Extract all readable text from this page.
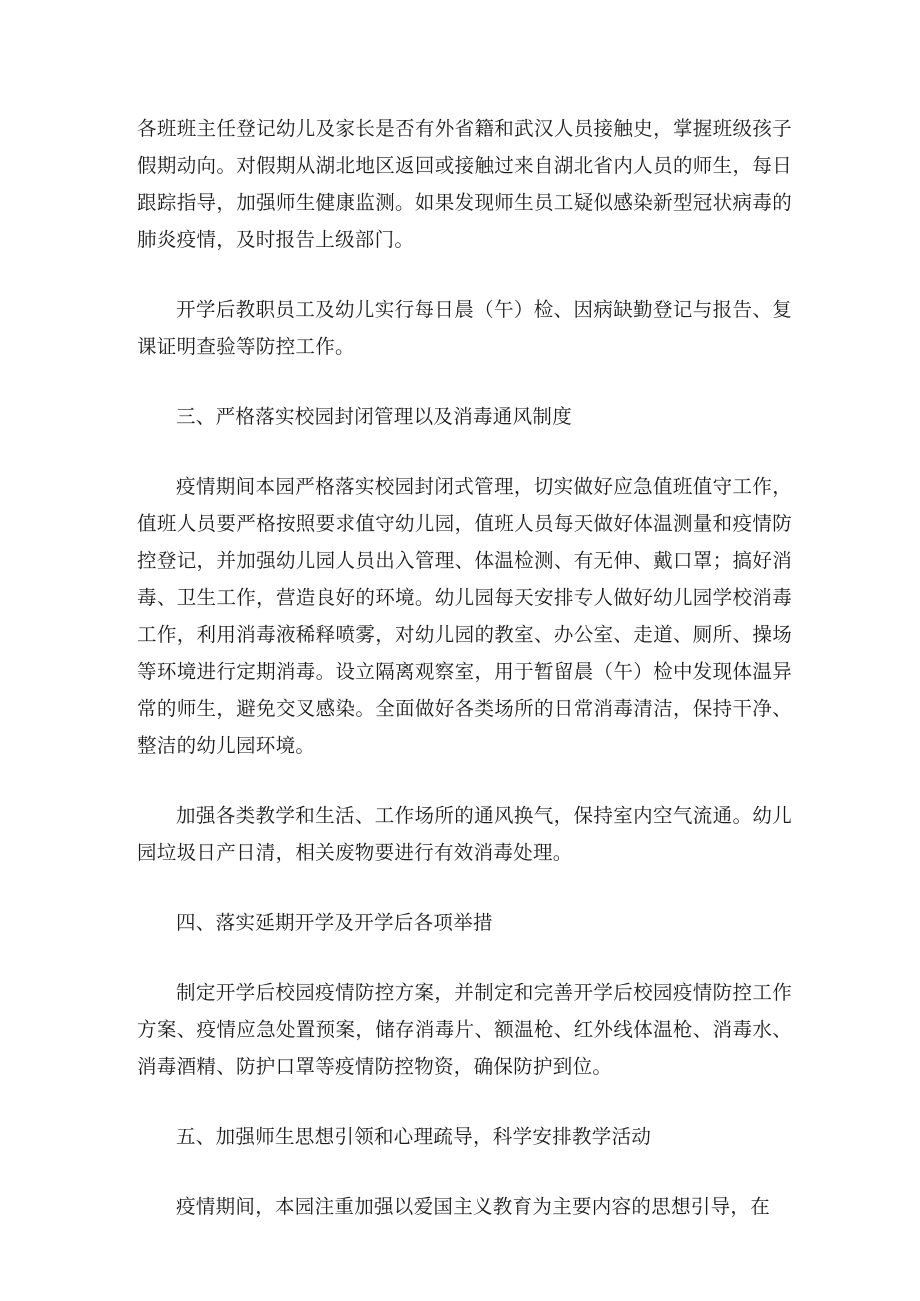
各班班主任登记幼儿及家长是否有外省籍和武汉人员接触史，掌握班级孩子假期动向。对假期从湖北地区返回或接触过来自湖北省内人员的师生，每日跟踪指导，加强师生健康监测。如果发现师生员工疑似感染新型冠状病毒的肺炎疫情，及时报告上级部门。

开学后教职员工及幼儿实行每日晨（午）检、因病缺勤登记与报告、复课证明查验等防控工作。

三、严格落实校园封闭管理以及消毒通风制度

疫情期间本园严格落实校园封闭式管理，切实做好应急值班值守工作，值班人员要严格按照要求值守幼儿园，值班人员每天做好体温测量和疫情防控登记，并加强幼儿园人员出入管理、体温检测、有无伸、戴口罩；搞好消毒、卫生工作，营造良好的环境。幼儿园每天安排专人做好幼儿园学校消毒工作，利用消毒液稀释喷雾，对幼儿园的教室、办公室、走道、厕所、操场等环境进行定期消毒。设立隔离观察室，用于暂留晨（午）检中发现体温异常的师生，避免交叉感染。全面做好各类场所的日常消毒清洁，保持干净、整洁的幼儿园环境。

加强各类教学和生活、工作场所的通风换气，保持室内空气流通。幼儿园垃圾日产日清，相关废物要进行有效消毒处理。

四、落实延期开学及开学后各项举措

制定开学后校园疫情防控方案，并制定和完善开学后校园疫情防控工作方案、疫情应急处置预案，储存消毒片、额温枪、红外线体温枪、消毒水、消毒酒精、防护口罩等疫情防控物资，确保防护到位。

五、加强师生思想引领和心理疏导，科学安排教学活动

疫情期间，本园注重加强以爱国主义教育为主要内容的思想引导，在
